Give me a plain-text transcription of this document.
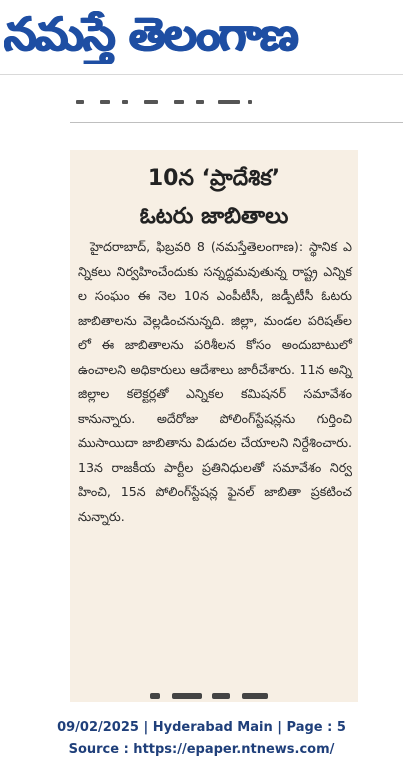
నమస్తే తెలంగాణ
10న ‘ప్రాదేశిక’
ఓటరు జాబితాలు

హైదరాబాద్, ఫిబ్రవరి 8 (నమస్తేతెలంగాణ): స్థానిక ఎన్నికలు నిర్వహించేందుకు సన్నద్ధమవుతున్న రాష్ట్ర ఎన్నికల సంఘం ఈ నెల 10న ఎంపీటీసీ, జడ్పీటీసీ ఓటరు జాబితాలను వెల్లడించనున్నది. జిల్లా, మండల పరిషత్‌లలో ఈ జాబితాలను పరిశీలన కోసం అందుబాటులో ఉంచాలని అధికారులు ఆదేశాలు జారీచేశారు. 11న అన్ని జిల్లాల కలెక్టర్లతో ఎన్నికల కమిషనర్ సమావేశం కానున్నారు. అదేరోజు పోలింగ్‌స్టేషన్లను గుర్తించి ముసాయిదా జాబితాను విడుదల చేయాలని నిర్దేశించారు. 13న రాజకీయ పార్టీల ప్రతినిధులతో సమావేశం నిర్వహించి, 15న పోలింగ్‌స్టేషన్ల ఫైనల్ జాబితా ప్రకటించనున్నారు.

09/02/2025 | Hyderabad Main | Page : 5
Source : https://epaper.ntnews.com/
